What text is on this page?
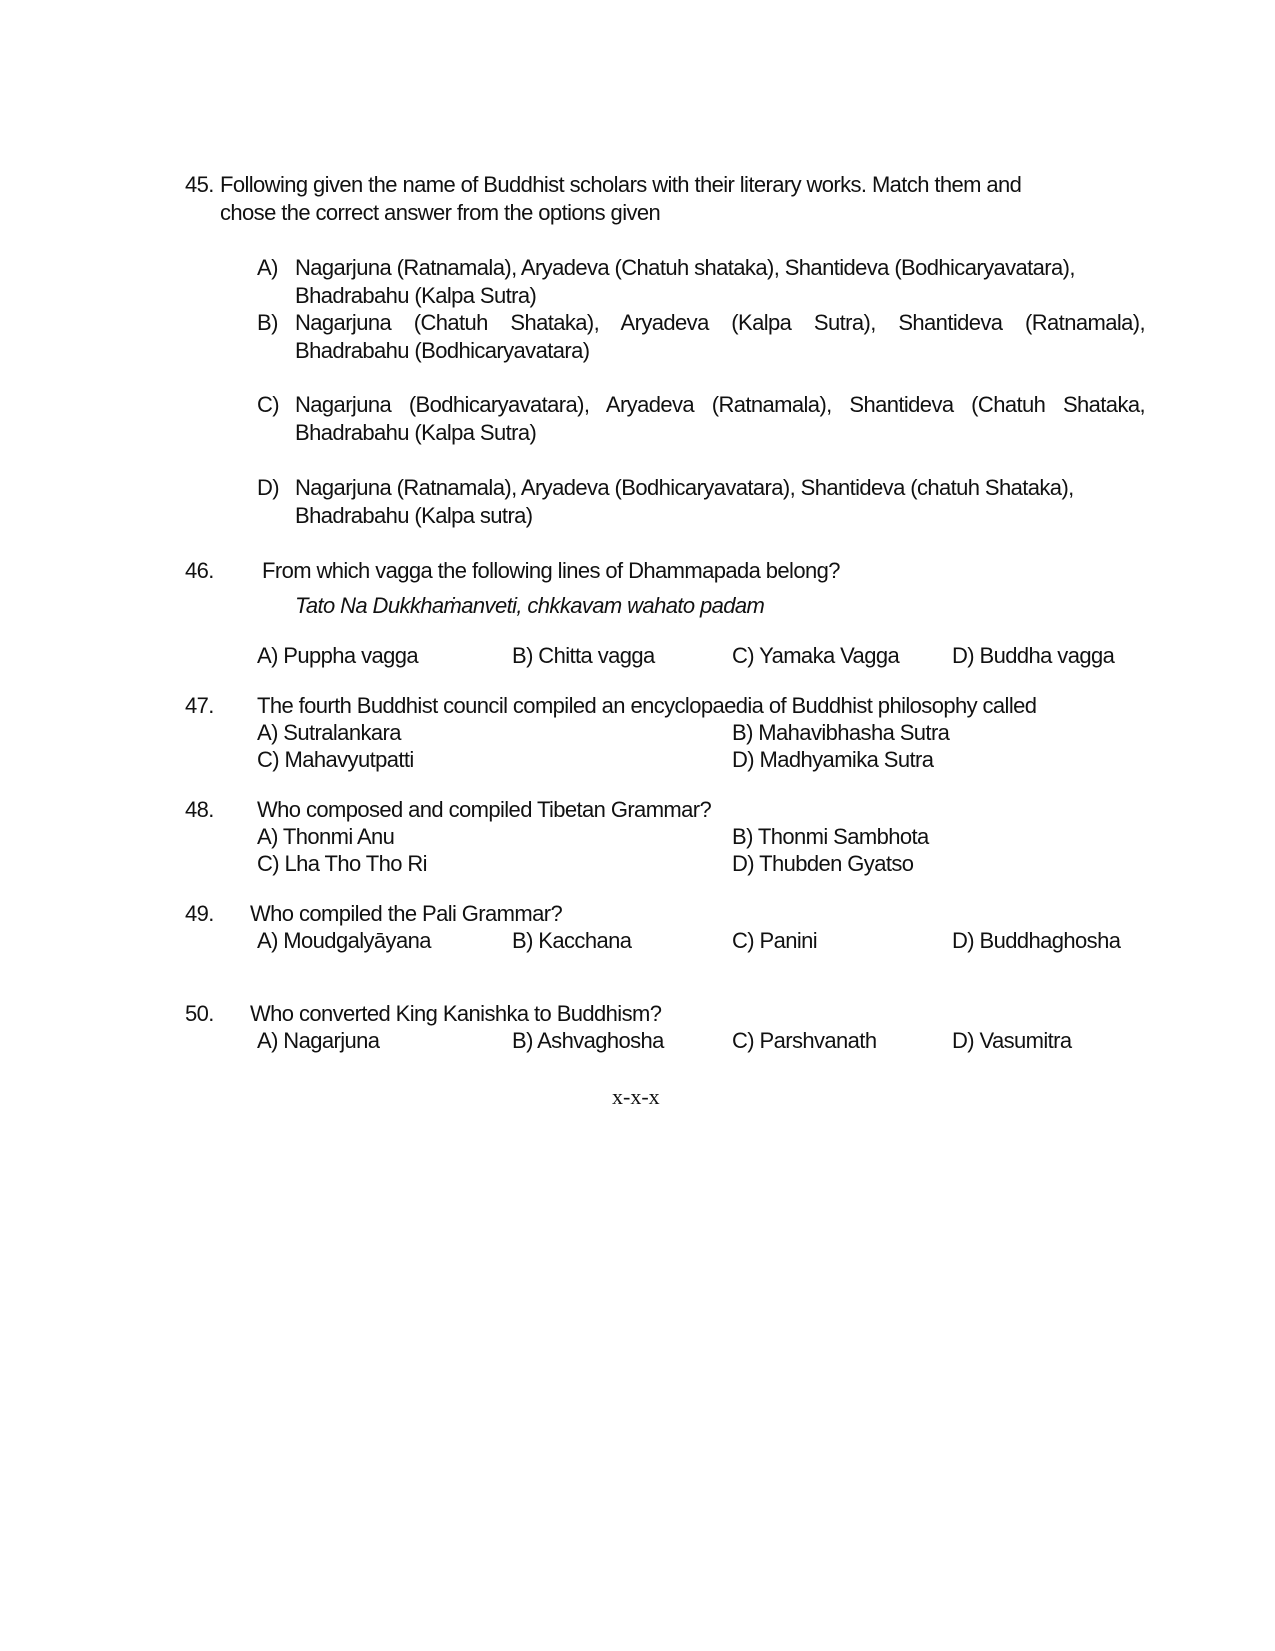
45. Following given the name of Buddhist scholars with their literary works. Match them and
chose the correct answer from the options given
A) Nagarjuna (Ratnamala), Aryadeva (Chatuh shataka), Shantideva (Bodhicaryavatara),
Bhadrabahu (Kalpa Sutra)
B) Nagarjuna (Chatuh Shataka), Aryadeva (Kalpa Sutra), Shantideva (Ratnamala),
Bhadrabahu (Bodhicaryavatara)
C) Nagarjuna (Bodhicaryavatara), Aryadeva (Ratnamala), Shantideva (Chatuh Shataka,
Bhadrabahu (Kalpa Sutra)
D) Nagarjuna (Ratnamala), Aryadeva (Bodhicaryavatara), Shantideva (chatuh Shataka),
Bhadrabahu (Kalpa sutra)
46. From which vagga the following lines of Dhammapada belong?
Tato Na Dukkhaṁanveti, chkkavam wahato padam
A) Puppha vagga	B) Chitta vagga	C) Yamaka Vagga D) Buddha vagga
47. The fourth Buddhist council compiled an encyclopaedia of Buddhist philosophy called
A) Sutralankara	B) Mahavibhasha Sutra
C) Mahavyutpatti	D) Madhyamika Sutra
48. Who composed and compiled Tibetan Grammar?
A) Thonmi Anu	B) Thonmi Sambhota
C) Lha Tho Tho Ri	D) Thubden Gyatso
49. Who compiled the Pali Grammar?
A) Moudgalyāyana	B) Kacchana	C) Panini	D) Buddhaghosha
50. Who converted King Kanishka to Buddhism?
A) Nagarjuna	B) Ashvaghosha	C) Parshvanath	D) Vasumitra
x-x-x
